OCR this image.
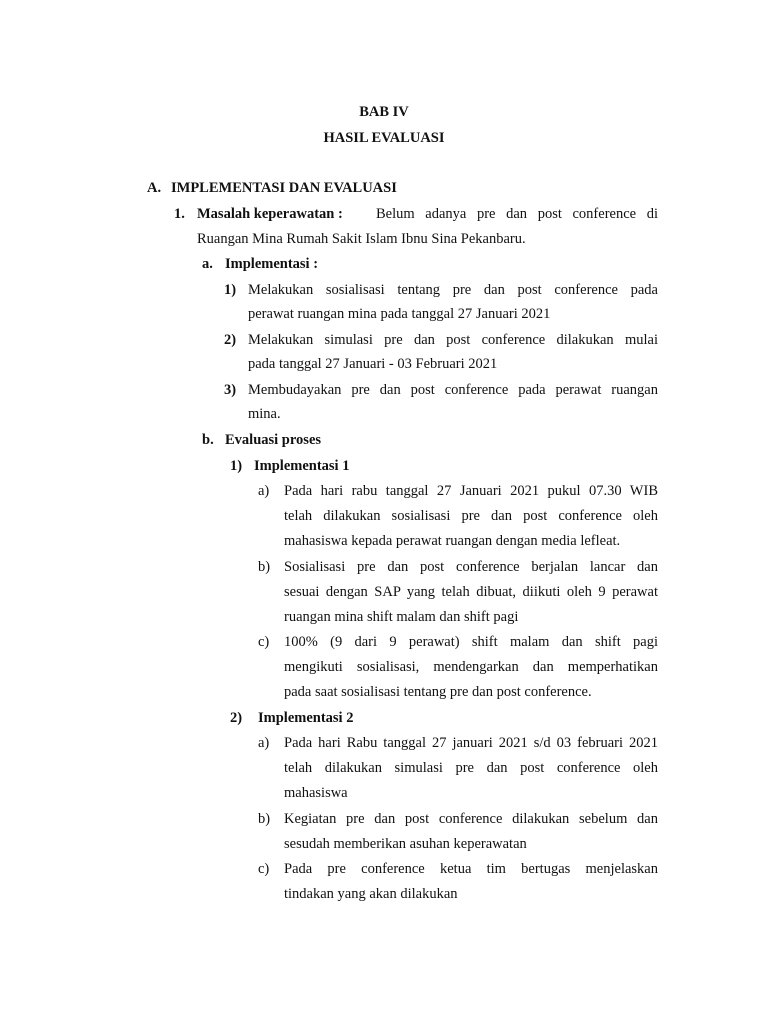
BAB IV
HASIL EVALUASI
A. IMPLEMENTASI DAN EVALUASI
1. Masalah keperawatan : Belum adanya pre dan post conference di
Ruangan Mina Rumah Sakit Islam Ibnu Sina Pekanbaru.
a. Implementasi :
1) Melakukan sosialisasi tentang pre dan post conference pada
perawat ruangan mina pada tanggal 27 Januari 2021
2) Melakukan simulasi pre dan post conference dilakukan mulai
pada tanggal 27 Januari - 03 Februari 2021
3) Membudayakan pre dan post conference pada perawat ruangan
mina.
b. Evaluasi proses
1) Implementasi 1
a) Pada hari rabu tanggal 27 Januari 2021 pukul 07.30 WIB
telah dilakukan sosialisasi pre dan post conference oleh
mahasiswa kepada perawat ruangan dengan media lefleat.
b) Sosialisasi pre dan post conference berjalan lancar dan
sesuai dengan SAP yang telah dibuat, diikuti oleh 9 perawat
ruangan mina shift malam dan shift pagi
c) 100% (9 dari 9 perawat) shift malam dan shift pagi
mengikuti sosialisasi, mendengarkan dan memperhatikan
pada saat sosialisasi tentang pre dan post conference.
2) Implementasi 2
a) Pada hari Rabu tanggal 27 januari 2021 s/d 03 februari 2021
telah dilakukan simulasi pre dan post conference oleh
mahasiswa
b) Kegiatan pre dan post conference dilakukan sebelum dan
sesudah memberikan asuhan keperawatan
c) Pada pre conference ketua tim bertugas menjelaskan
tindakan yang akan dilakukan
